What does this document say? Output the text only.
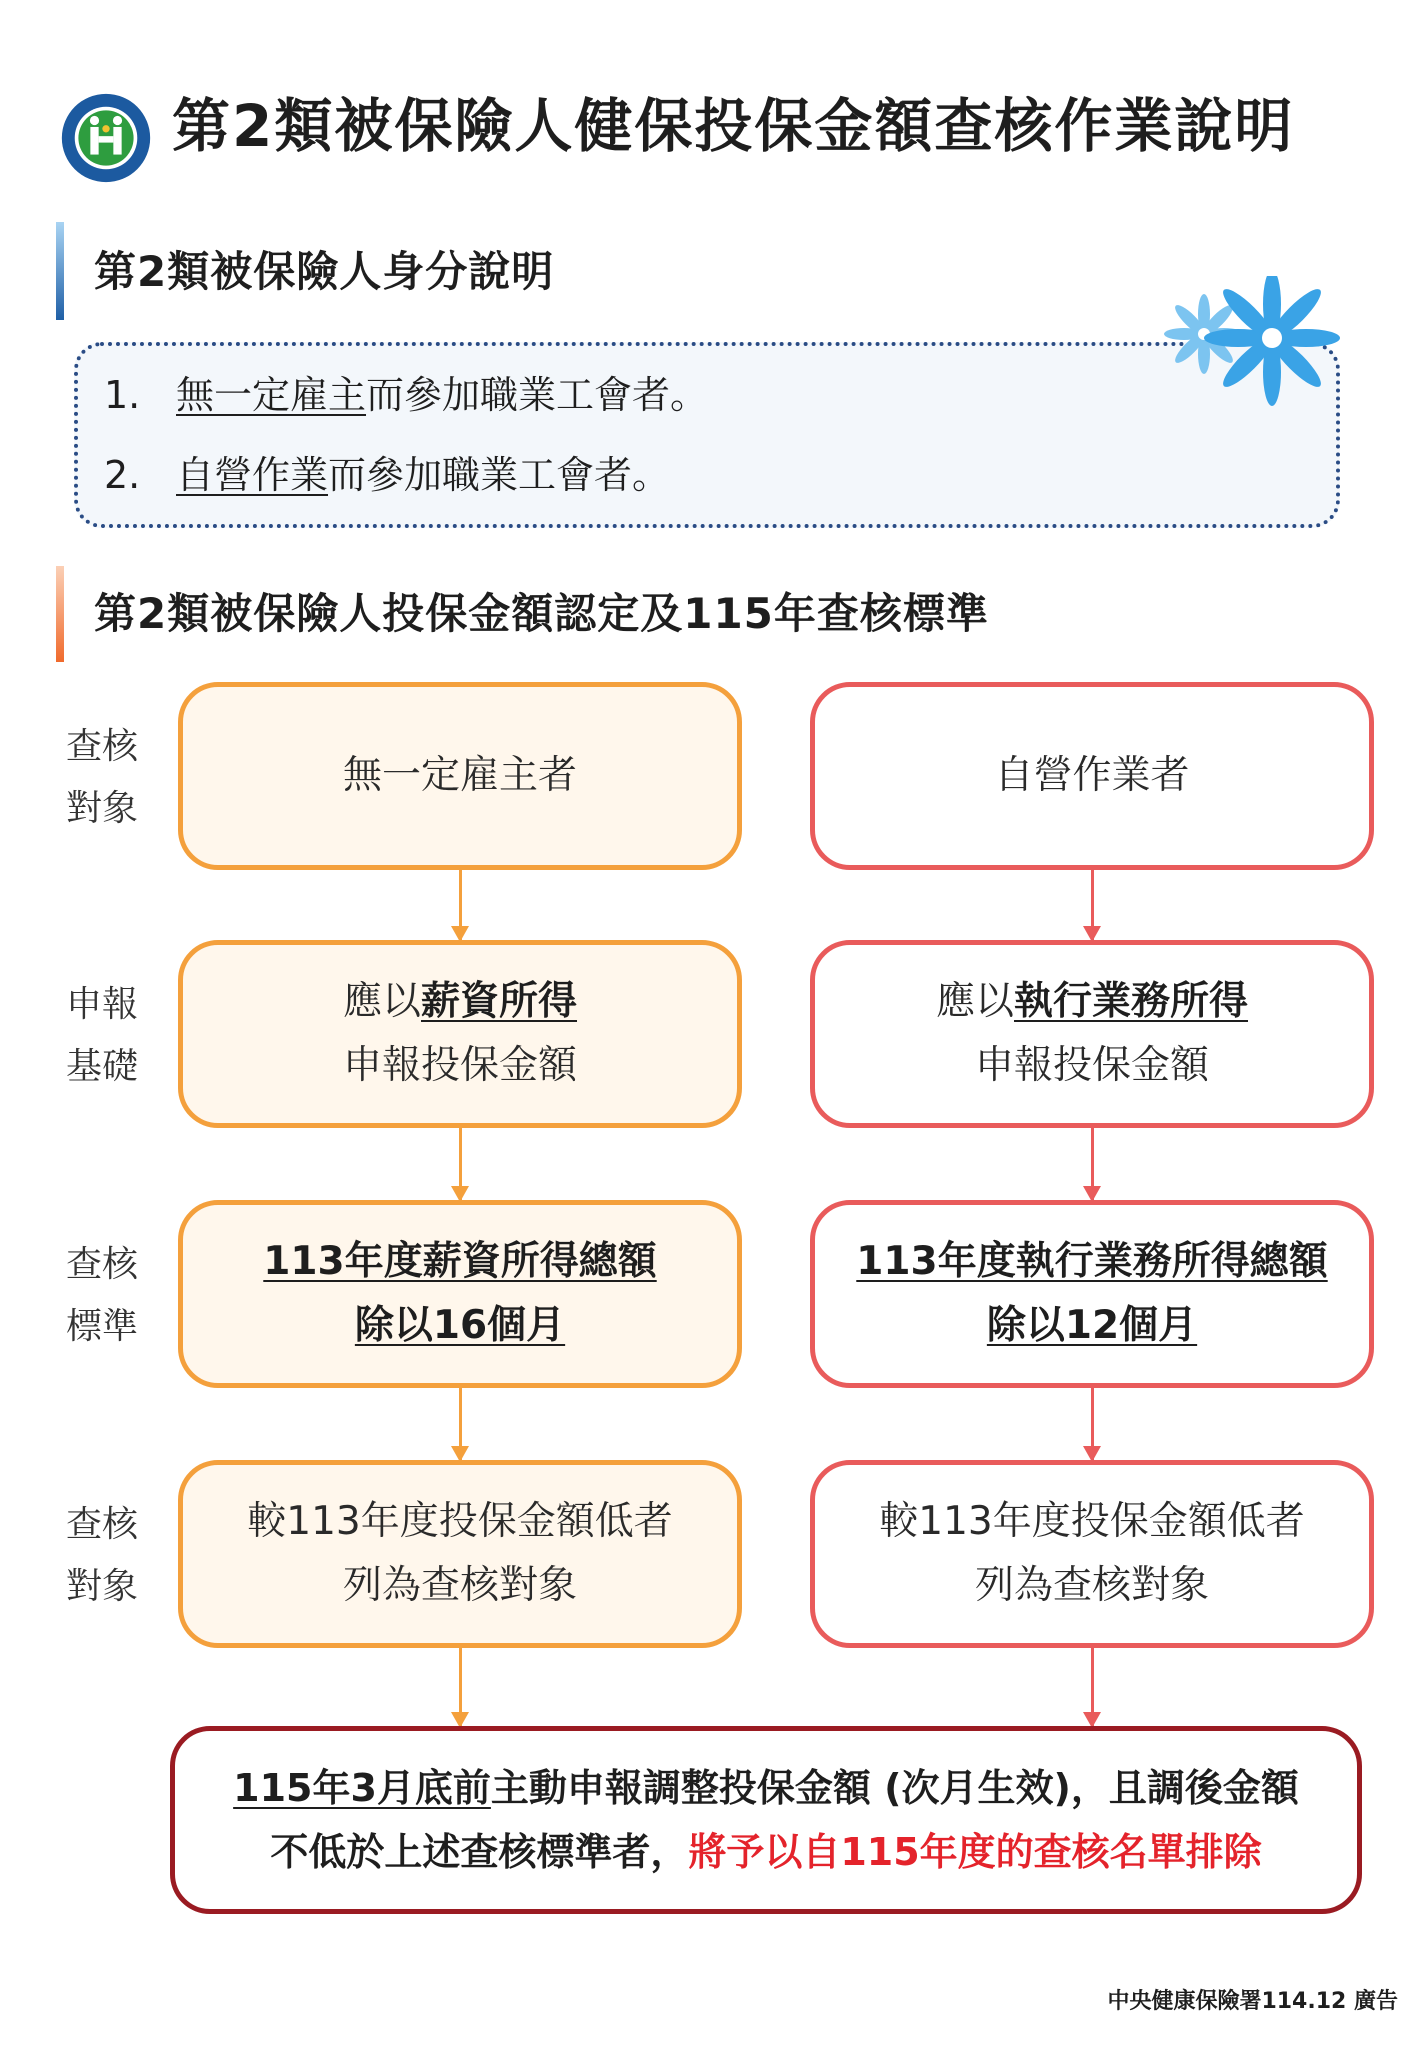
第2類被保險人健保投保金額查核作業說明
第2類被保險人身分說明
1. 無一定雇主而參加職業工會者。
2. 自營作業而參加職業工會者。
第2類被保險人投保金額認定及115年查核標準
查核
對象
申報
基礎
查核
標準
查核
對象
無一定雇主者
應以薪資所得
申報投保金額
113年度薪資所得總額
除以16個月
較113年度投保金額低者
列為查核對象
自營作業者
應以執行業務所得
申報投保金額
113年度執行業務所得總額
除以12個月
較113年度投保金額低者
列為查核對象
115年3月底前主動申報調整投保金額 (次月生效)，且調後金額
不低於上述查核標準者，將予以自115年度的查核名單排除
中央健康保險署114.12 廣告
